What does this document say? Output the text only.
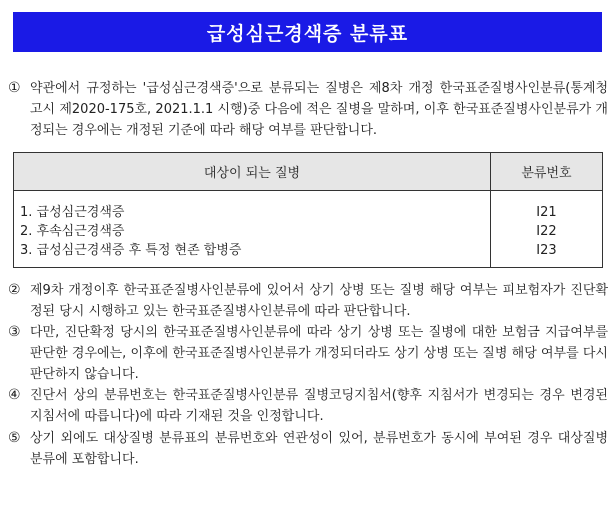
급성심근경색증 분류표
① 약관에서 규정하는 '급성심근경색증'으로 분류되는 질병은 제8차 개정 한국표준질병사인분류(통계청 고시 제2020-175호, 2021.1.1 시행)중 다음에 적은 질병을 말하며, 이후 한국표준질병사인분류가 개정되는 경우에는 개정된 기준에 따라 해당 여부를 판단합니다.
대상이 되는 질병	분류번호
1. 급성심근경색증
2. 후속심근경색증
3. 급성심근경색증 후 특정 현존 합병증
I21
I22
I23
② 제9차 개정이후 한국표준질병사인분류에 있어서 상기 상병 또는 질병 해당 여부는 피보험자가 진단확정된 당시 시행하고 있는 한국표준질병사인분류에 따라 판단합니다.
③ 다만, 진단확정 당시의 한국표준질병사인분류에 따라 상기 상병 또는 질병에 대한 보험금 지급여부를 판단한 경우에는, 이후에 한국표준질병사인분류가 개정되더라도 상기 상병 또는 질병 해당 여부를 다시 판단하지 않습니다.
④ 진단서 상의 분류번호는 한국표준질병사인분류 질병코딩지침서(향후 지침서가 변경되는 경우 변경된 지침서에 따릅니다)에 따라 기재된 것을 인정합니다.
⑤ 상기 외에도 대상질병 분류표의 분류번호와 연관성이 있어, 분류번호가 동시에 부여된 경우 대상질병 분류에 포함합니다.
